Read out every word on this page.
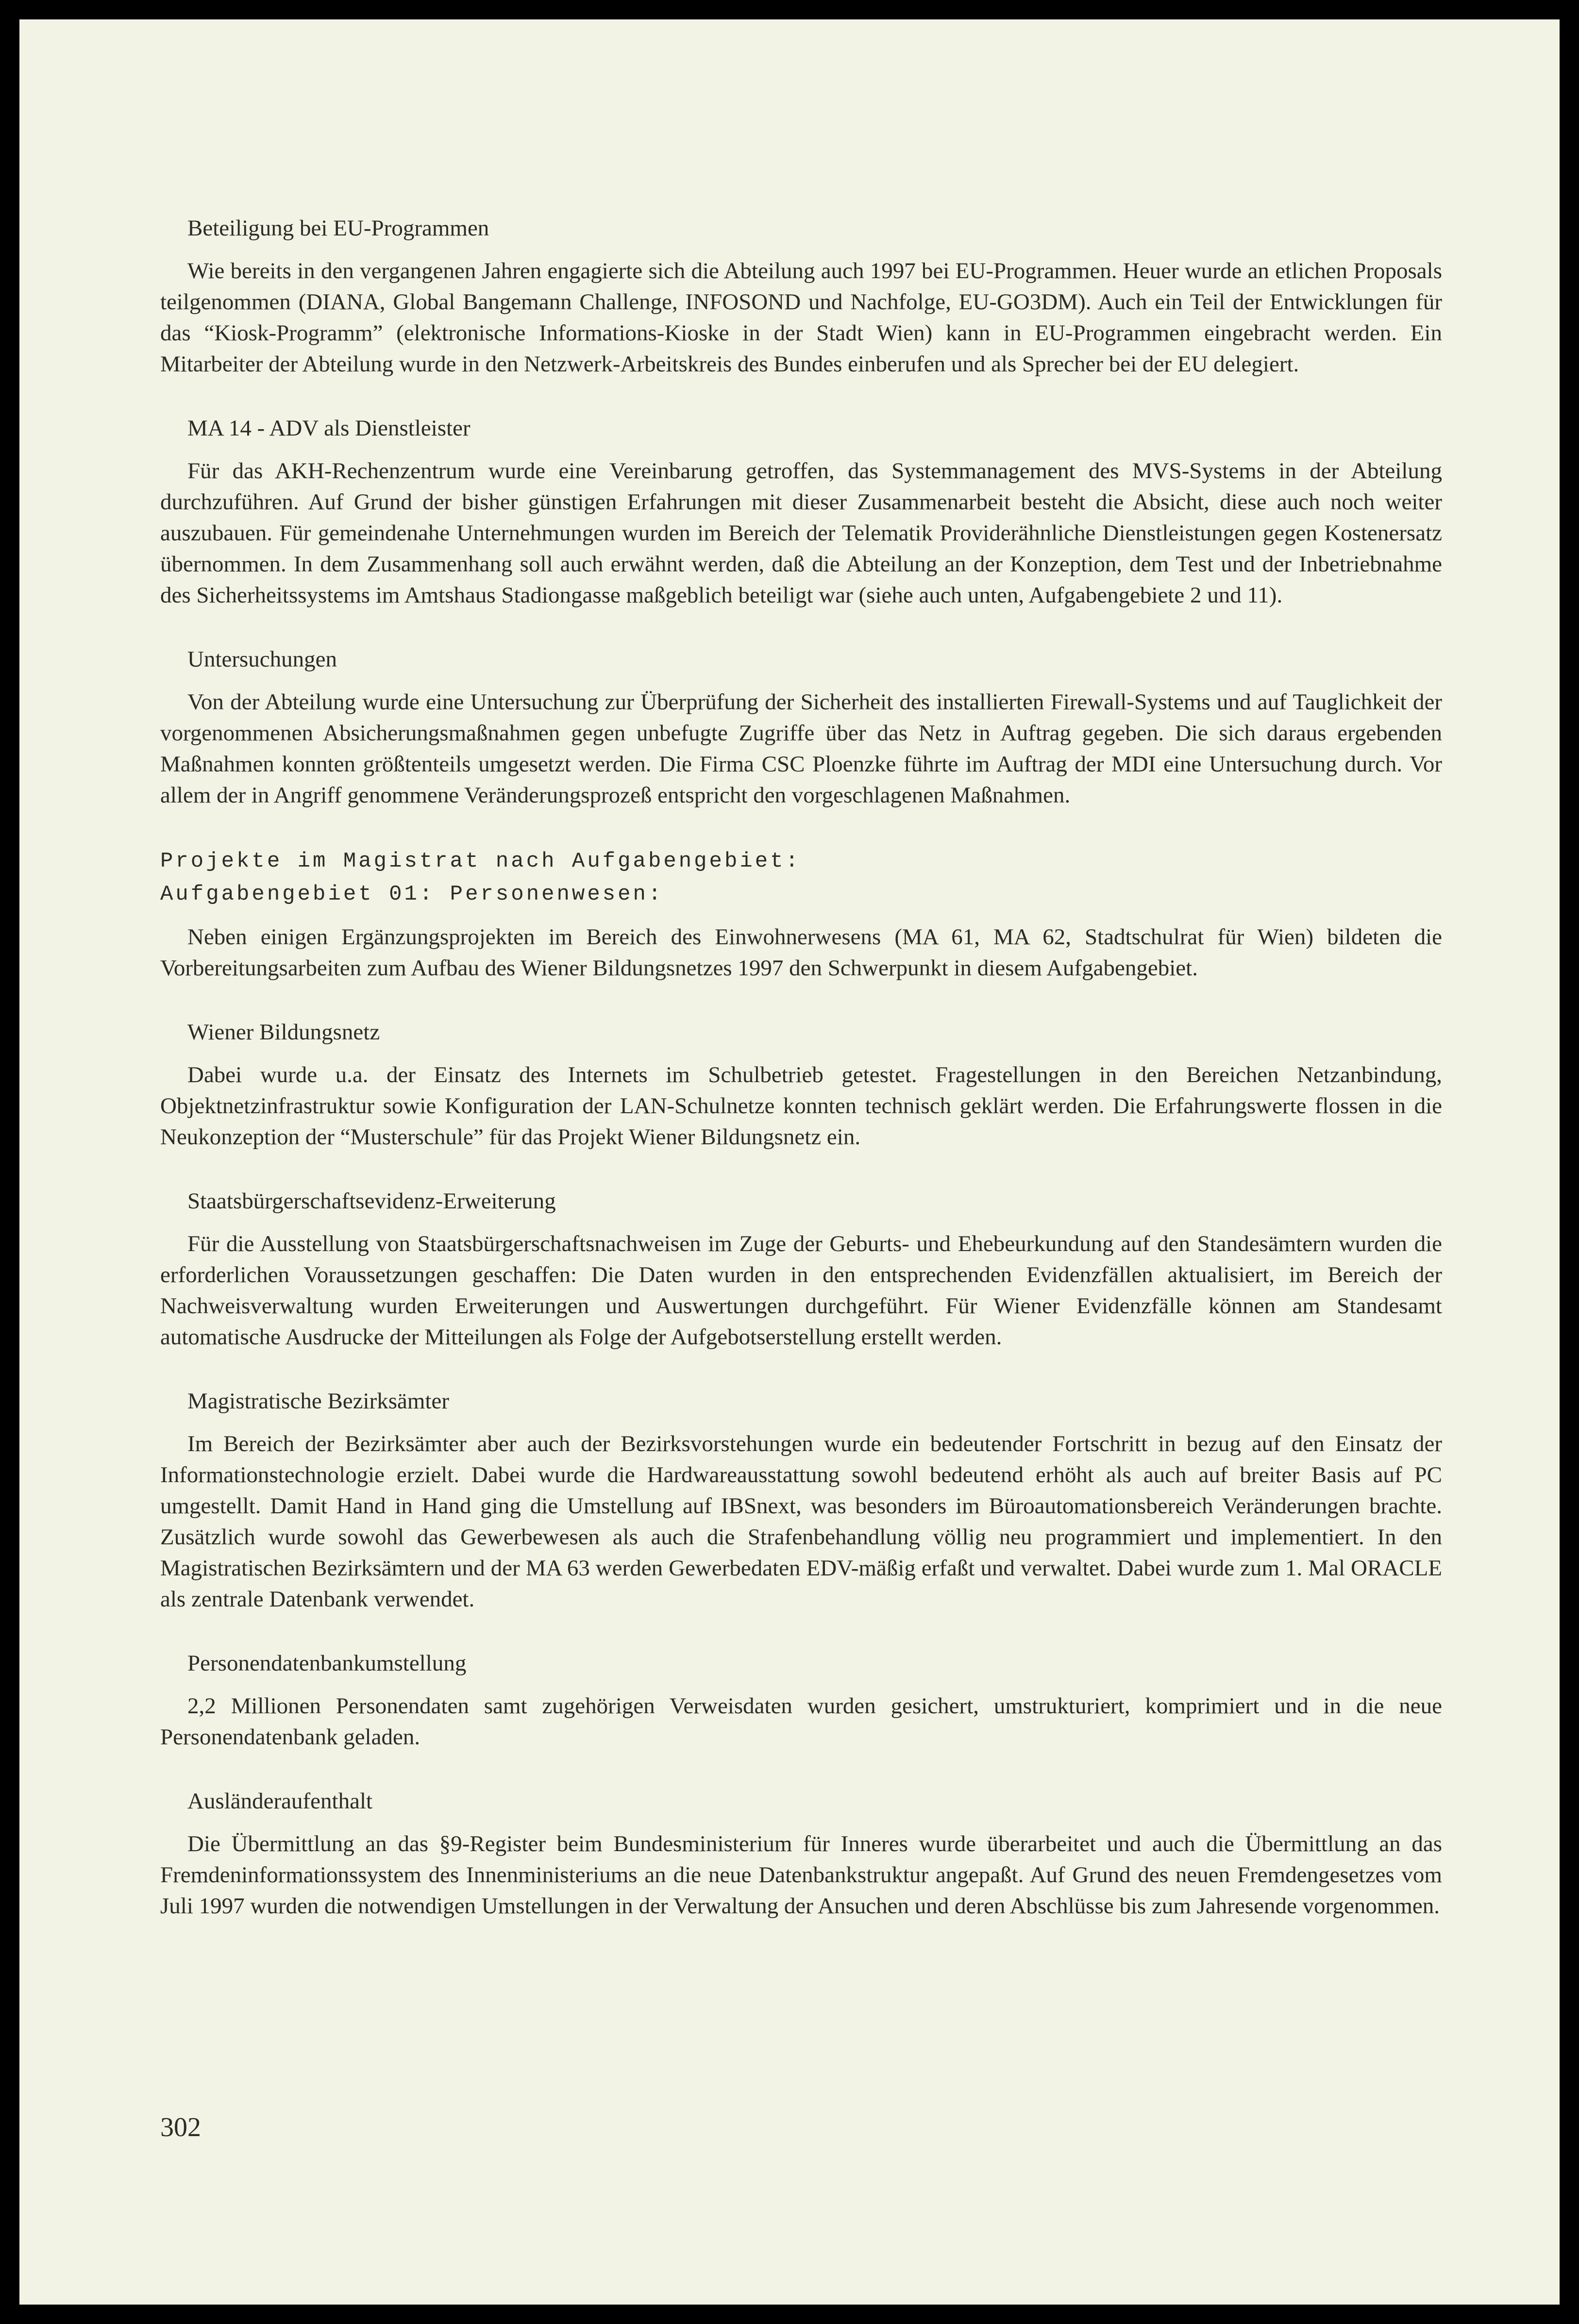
Beteiligung bei EU-Programmen

Wie bereits in den vergangenen Jahren engagierte sich die Abteilung auch 1997 bei EU-Programmen. Heuer wurde an etlichen Proposals teilgenommen (DIANA, Global Bangemann Challenge, INFOSOND und Nachfolge, EU-GO3DM). Auch ein Teil der Entwicklungen für das “Kiosk-Programm” (elektronische Informations-Kioske in der Stadt Wien) kann in EU-Programmen eingebracht werden. Ein Mitarbeiter der Abteilung wurde in den Netzwerk-Arbeitskreis des Bundes einberufen und als Sprecher bei der EU delegiert.

MA 14 - ADV als Dienstleister

Für das AKH-Rechenzentrum wurde eine Vereinbarung getroffen, das Systemmanagement des MVS-Systems in der Abteilung durchzuführen. Auf Grund der bisher günstigen Erfahrungen mit dieser Zusammenarbeit besteht die Absicht, diese auch noch weiter auszubauen. Für gemeindenahe Unternehmungen wurden im Bereich der Telematik Providerähnliche Dienstleistungen gegen Kostenersatz übernommen. In dem Zusammenhang soll auch erwähnt werden, daß die Abteilung an der Konzeption, dem Test und der Inbetriebnahme des Sicherheitssystems im Amtshaus Stadiongasse maßgeblich beteiligt war (siehe auch unten, Aufgabengebiete 2 und 11).

Untersuchungen

Von der Abteilung wurde eine Untersuchung zur Überprüfung der Sicherheit des installierten Firewall-Systems und auf Tauglichkeit der vorgenommenen Absicherungsmaßnahmen gegen unbefugte Zugriffe über das Netz in Auftrag gegeben. Die sich daraus ergebenden Maßnahmen konnten größtenteils umgesetzt werden. Die Firma CSC Ploenzke führte im Auftrag der MDI eine Untersuchung durch. Vor allem der in Angriff genommene Veränderungsprozeß entspricht den vorgeschlagenen Maßnahmen.

Projekte im Magistrat nach Aufgabengebiet:
Aufgabengebiet 01: Personenwesen:

Neben einigen Ergänzungsprojekten im Bereich des Einwohnerwesens (MA 61, MA 62, Stadtschulrat für Wien) bildeten die Vorbereitungsarbeiten zum Aufbau des Wiener Bildungsnetzes 1997 den Schwerpunkt in diesem Aufgabengebiet.

Wiener Bildungsnetz

Dabei wurde u.a. der Einsatz des Internets im Schulbetrieb getestet. Fragestellungen in den Bereichen Netzanbindung, Objektnetzinfrastruktur sowie Konfiguration der LAN-Schulnetze konnten technisch geklärt werden. Die Erfahrungswerte flossen in die Neukonzeption der “Musterschule” für das Projekt Wiener Bildungsnetz ein.

Staatsbürgerschaftsevidenz-Erweiterung

Für die Ausstellung von Staatsbürgerschaftsnachweisen im Zuge der Geburts- und Ehebeurkundung auf den Standesämtern wurden die erforderlichen Voraussetzungen geschaffen: Die Daten wurden in den entsprechenden Evidenzfällen aktualisiert, im Bereich der Nachweisverwaltung wurden Erweiterungen und Auswertungen durchgeführt. Für Wiener Evidenzfälle können am Standesamt automatische Ausdrucke der Mitteilungen als Folge der Aufgebotserstellung erstellt werden.

Magistratische Bezirksämter

Im Bereich der Bezirksämter aber auch der Bezirksvorstehungen wurde ein bedeutender Fortschritt in bezug auf den Einsatz der Informationstechnologie erzielt. Dabei wurde die Hardwareausstattung sowohl bedeutend erhöht als auch auf breiter Basis auf PC umgestellt. Damit Hand in Hand ging die Umstellung auf IBSnext, was besonders im Büroautomationsbereich Veränderungen brachte. Zusätzlich wurde sowohl das Gewerbewesen als auch die Strafenbehandlung völlig neu programmiert und implementiert. In den Magistratischen Bezirksämtern und der MA 63 werden Gewerbedaten EDV-mäßig erfaßt und verwaltet. Dabei wurde zum 1. Mal ORACLE als zentrale Datenbank verwendet.

Personendatenbankumstellung

2,2 Millionen Personendaten samt zugehörigen Verweisdaten wurden gesichert, umstrukturiert, komprimiert und in die neue Personendatenbank geladen.

Ausländeraufenthalt

Die Übermittlung an das §9-Register beim Bundesministerium für Inneres wurde überarbeitet und auch die Übermittlung an das Fremdeninformationssystem des Innenministeriums an die neue Datenbankstruktur angepaßt. Auf Grund des neuen Fremdengesetzes vom Juli 1997 wurden die notwendigen Umstellungen in der Verwaltung der Ansuchen und deren Abschlüsse bis zum Jahresende vorgenommen.

302
